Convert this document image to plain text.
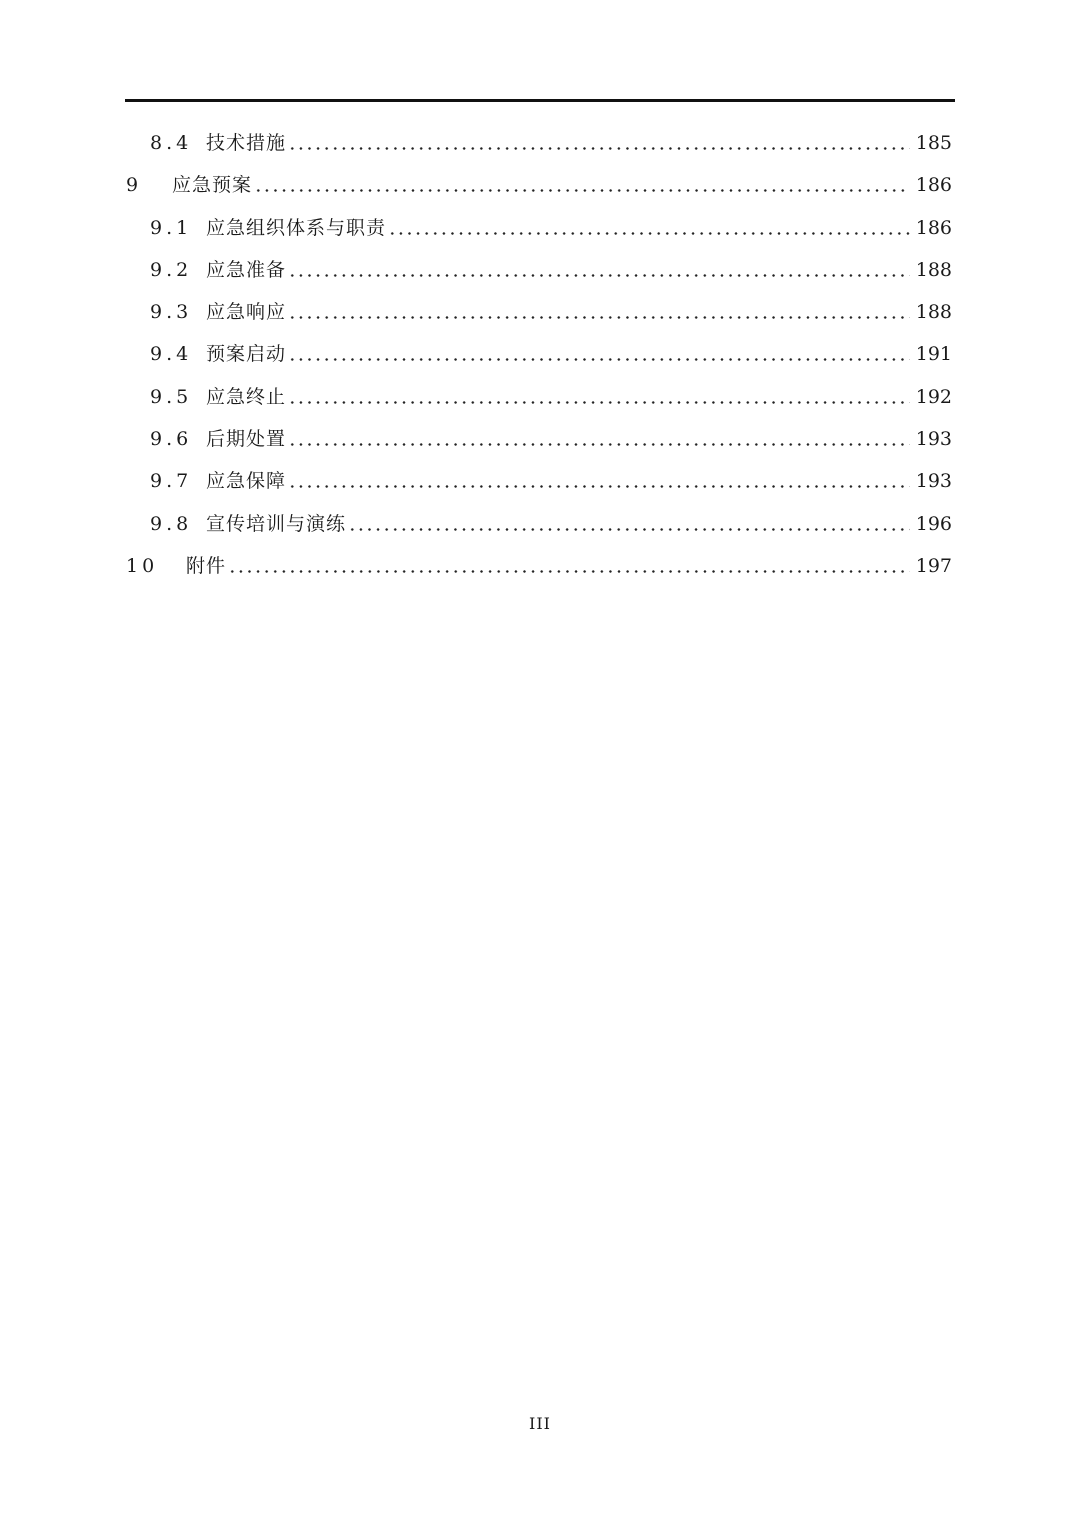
8.4 技术措施	185
9	应急预案	186
9.1 应急组织体系与职责	186
9.2 应急准备	188
9.3 应急响应	188
9.4 预案启动	191
9.5 应急终止	192
9.6 后期处置	193
9.7 应急保障	193
9.8 宣传培训与演练	196
10	附件	197
III
